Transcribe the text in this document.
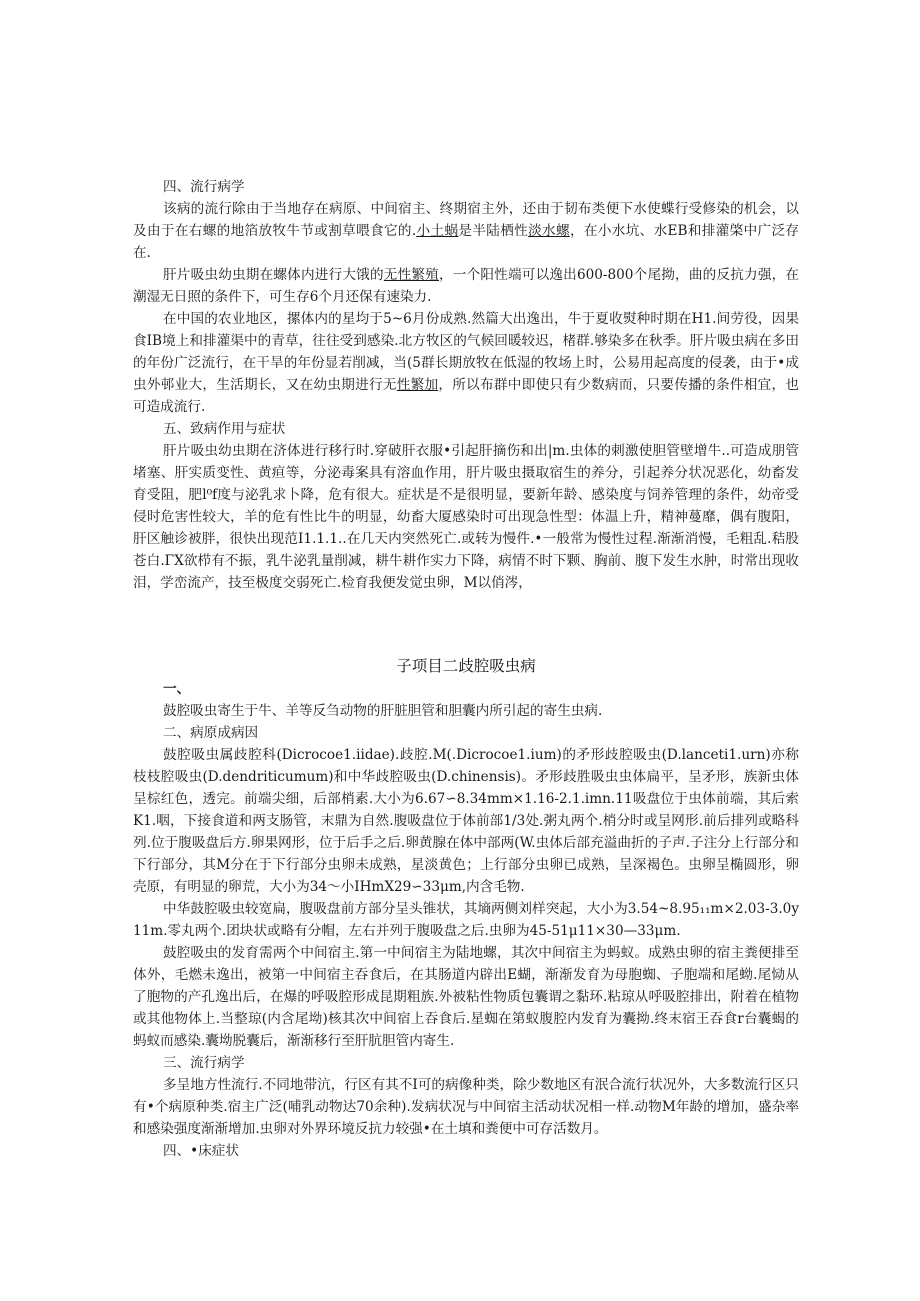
四、流行病学

该病的流行除由于当地存在病原、中间宿主、终期宿主外，还由于韧布类便下水使蝶行受修染的机会，以及由于在右螺的地箔放牧牛节或割草喂食它的.小土蜗是半陆栖性淡水螺，在小水坑、水EB和排灌棨中广泛存在.

肝片吸虫幼虫期在螺体内进行大饿的无性繁殖，一个阳性端可以逸出600-800个尾拗，曲的反抗力强，在潮湿无日照的条件下，可生存6个月还保有速染力.

在中国的农业地区，摞体内的星均于5~6月份成熟.然篇大出逸出，牛于夏收熨种时期在H1.间劳役，因果食IB境上和排灌渠中的青草，往往受到感染.北方牧区的气候回暖较迟，楮群.够染多在秋季。肝片吸虫病在多田的年份广泛流行，在干旱的年份显若削减，当(5群长期放牧在低湿的牧场上时，公易用起高度的侵袭，由于•成虫外邨业大，生活期长，又在幼虫期进行无性繁加，所以布群中即使只有少数病而，只要传播的条件相宜，也可造成流行.

五、致病作用与症状

肝片吸虫幼虫期在济体进行移行时.穿破肝衣服•引起肝摘伤和出|m.虫体的刺激使胆管壁增牛..可造成朋管堵塞、肝实质变性、黄疸等，分泌毒案具有溶血作用，肝片吸虫摄取宿生的养分，引起养分状况恶化，幼畜发育受阻，肥l⁰f度与泌乳求卜降，危有很大。症状是不是很明显，要新年龄、感染度与饲养管理的条件，幼帝受侵时危害性较大，羊的危有性比牛的明显，幼畜大厦感染时可出现急性型：体温上升，精神蔓靡，偶有腹阳，肝区触诊被胖，很快出现范I1.1.1..在几天内突然死亡.或转为慢件.•一般常为慢性过程.渐渐消慢，毛粗乱.秸股苍白.ΓX欲栉有不振，乳牛泌乳量削减，耕牛耕作实力下降，病情不时下颗、胸前、腹下发生水肿，时常出现收泪，学峦流产，技至极度交弱死亡.检育我便发觉虫卵，M以俏涔，

子项目二歧腔吸虫病

一、

鼓腔吸虫寄生于牛、羊等反刍动物的肝脏胆管和胆囊内所引起的寄生虫病.

二、病原成病因

鼓腔吸虫属歧腔科(Dicrocoe1.iidae).歧腔.M(.Dicrocoe1.ium)的矛形歧腔吸虫(D.lanceti1.urn)亦称枝枝腔吸虫(D.dendriticumum)和中华歧腔吸虫(D.chinensis)。矛形歧胜吸虫虫体扁平，呈矛形，族新虫体呈棕红色，透完。前端尖细，后部梢素.大小为6.67∽8.34mm×1.16-2.1.imn.11吸盘位于虫体前端，其后索K1.咽，下接食道和两支肠管，末鼎为自然.腹吸盘位于体前部1/3处.粥丸两个.梢分时或呈网形.前后排列或略科列.位于腹吸盘后方.卵果网形，位于后手之后.卵黄腺在体中部两(W.虫体后部充溢曲折的子声.子注分上行部分和下行部分，其M分在于下行部分虫卵未成熟，星淡黄色；上行部分虫卵已成熟，呈深褐色。虫卵呈椭圆形，卵壳原，有明显的卵荒，大小为34～小IHmX29∽33μm,内含毛物.

中华鼓腔吸虫较宽扁，腹吸盘前方部分呈头锥状，其墒两侧刘样突起，大小为3.54~8.95₁₁m×2.03-3.0y11m.零丸两个.团块状或略有分帽，左右并列于腹吸盘之后.虫卵为45-51μ11×30—33μm.

鼓腔吸虫的发育需两个中间宿主.第一中间宿主为陆地螺，其次中间宿主为蚂蚁。成熟虫卵的宿主粪便排至体外，毛燃未逸出，被第一中间宿主吞食后，在其肠道内辟出E蝴，渐渐发育为母胞蜘、子胞端和尾蚴.尾恸从了胞物的产孔逸出后，在爆的呼吸腔形成昆期粗族.外被粘性物质包囊谓之黏环.粘琼从呼吸腔排出，附着在植物或其他物体上.当整琼(内含尾坳)核其次中间宿上吞食后.星蜘在第蚁腹腔内发育为囊拗.终末宿王吞食r台囊蝎的蚂蚁而感染.囊坳脱囊后，渐渐移行至肝肮胆管内寄生.

三、流行病学

多呈地方性流行.不同地带沆，行区有其不I可的病像种类，除少数地区有泯合流行状况外，大多数流行区只有•个病原种类.宿主广泛(哺乳动物达70余种).发病状况与中间宿主活动状况相一样.动物M年龄的增加，盛杂率和感染强度渐渐增加.虫卵对外界环境反抗力较强•在土填和粪便中可存活数月。

四、•床症状
